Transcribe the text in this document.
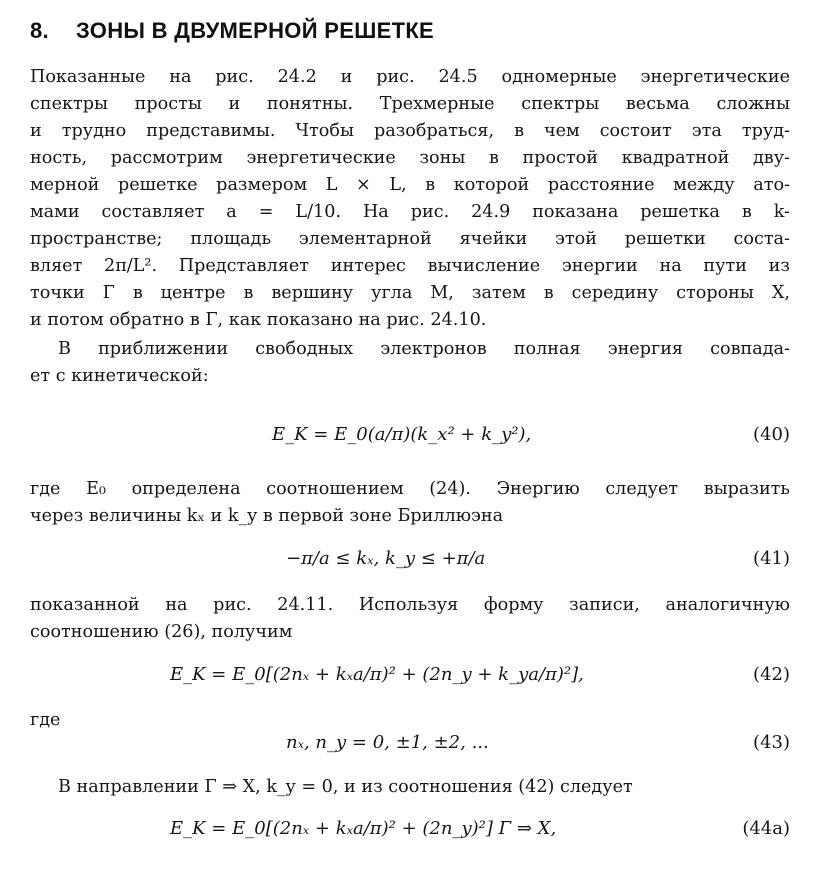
8. ЗОНЫ В ДВУМЕРНОЙ РЕШЕТКЕ
Показанные на рис. 24.2 и рис. 24.5 одномерные энергетические
спектры просты и понятны. Трехмерные спектры весьма сложны
и трудно представимы. Чтобы разобраться, в чем состоит эта труд-
ность, рассмотрим энергетические зоны в простой квадратной дву-
мерной решетке размером L × L, в которой расстояние между ато-
мами составляет a = L/10. На рис. 24.9 показана решетка в k-
пространстве; площадь элементарной ячейки этой решетки соста-
вляет 2π/L². Представляет интерес вычисление энергии на пути из
точки Γ в центре в вершину угла M, затем в середину стороны X,
и потом обратно в Γ, как показано на рис. 24.10.
В приближении свободных электронов полная энергия совпада-
ет с кинетической:
E_K = E_0(a/π)(k_x² + k_y²),	(40)
где E₀ определена соотношением (24). Энергию следует выразить
через величины kₓ и k_y в первой зоне Бриллюэна
−π/a ≤ kₓ, k_y ≤ +π/a	(41)
показанной на рис. 24.11. Используя форму записи, аналогичную
соотношению (26), получим
E_K = E_0[(2nₓ + kₓa/π)² + (2n_y + k_ya/π)²],	(42)
где
nₓ, n_y = 0, ±1, ±2, ...	(43)
В направлении Γ ⇒ X, k_y = 0, и из соотношения (42) следует
E_K = E_0[(2nₓ + kₓa/π)² + (2n_y)²] Γ ⇒ X,	(44a)
